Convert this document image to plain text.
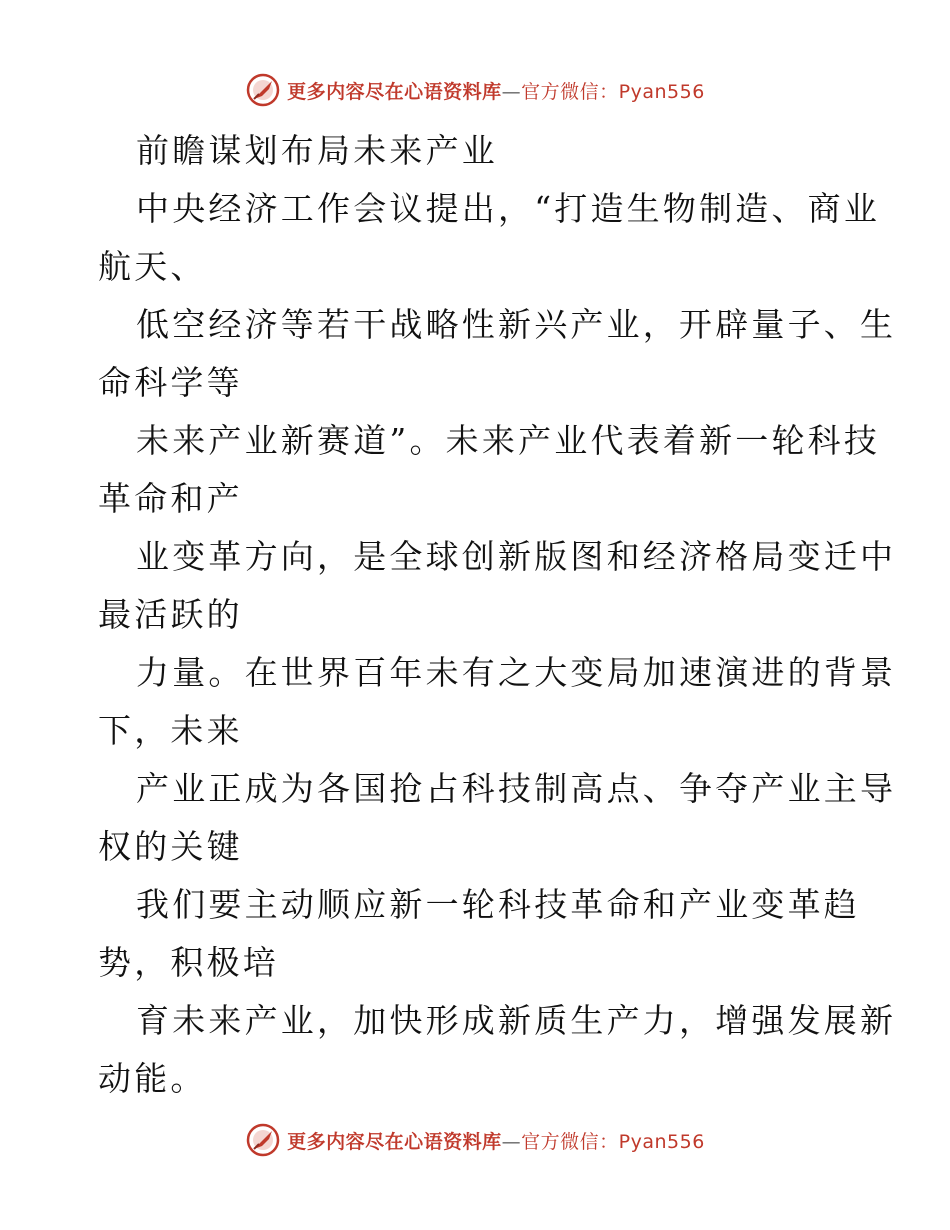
更多内容尽在心语资料库—官方微信：Pyan556
前瞻谋划布局未来产业
中央经济工作会议提出，“打造生物制造、商业
航天、
低空经济等若干战略性新兴产业，开辟量子、生
命科学等
未来产业新赛道”。未来产业代表着新一轮科技
革命和产
业变革方向，是全球创新版图和经济格局变迁中
最活跃的
力量。在世界百年未有之大变局加速演进的背景
下，未来
产业正成为各国抢占科技制高点、争夺产业主导
权的关键
我们要主动顺应新一轮科技革命和产业变革趋
势，积极培
育未来产业，加快形成新质生产力，增强发展新
动能。
更多内容尽在心语资料库—官方微信：Pyan556
